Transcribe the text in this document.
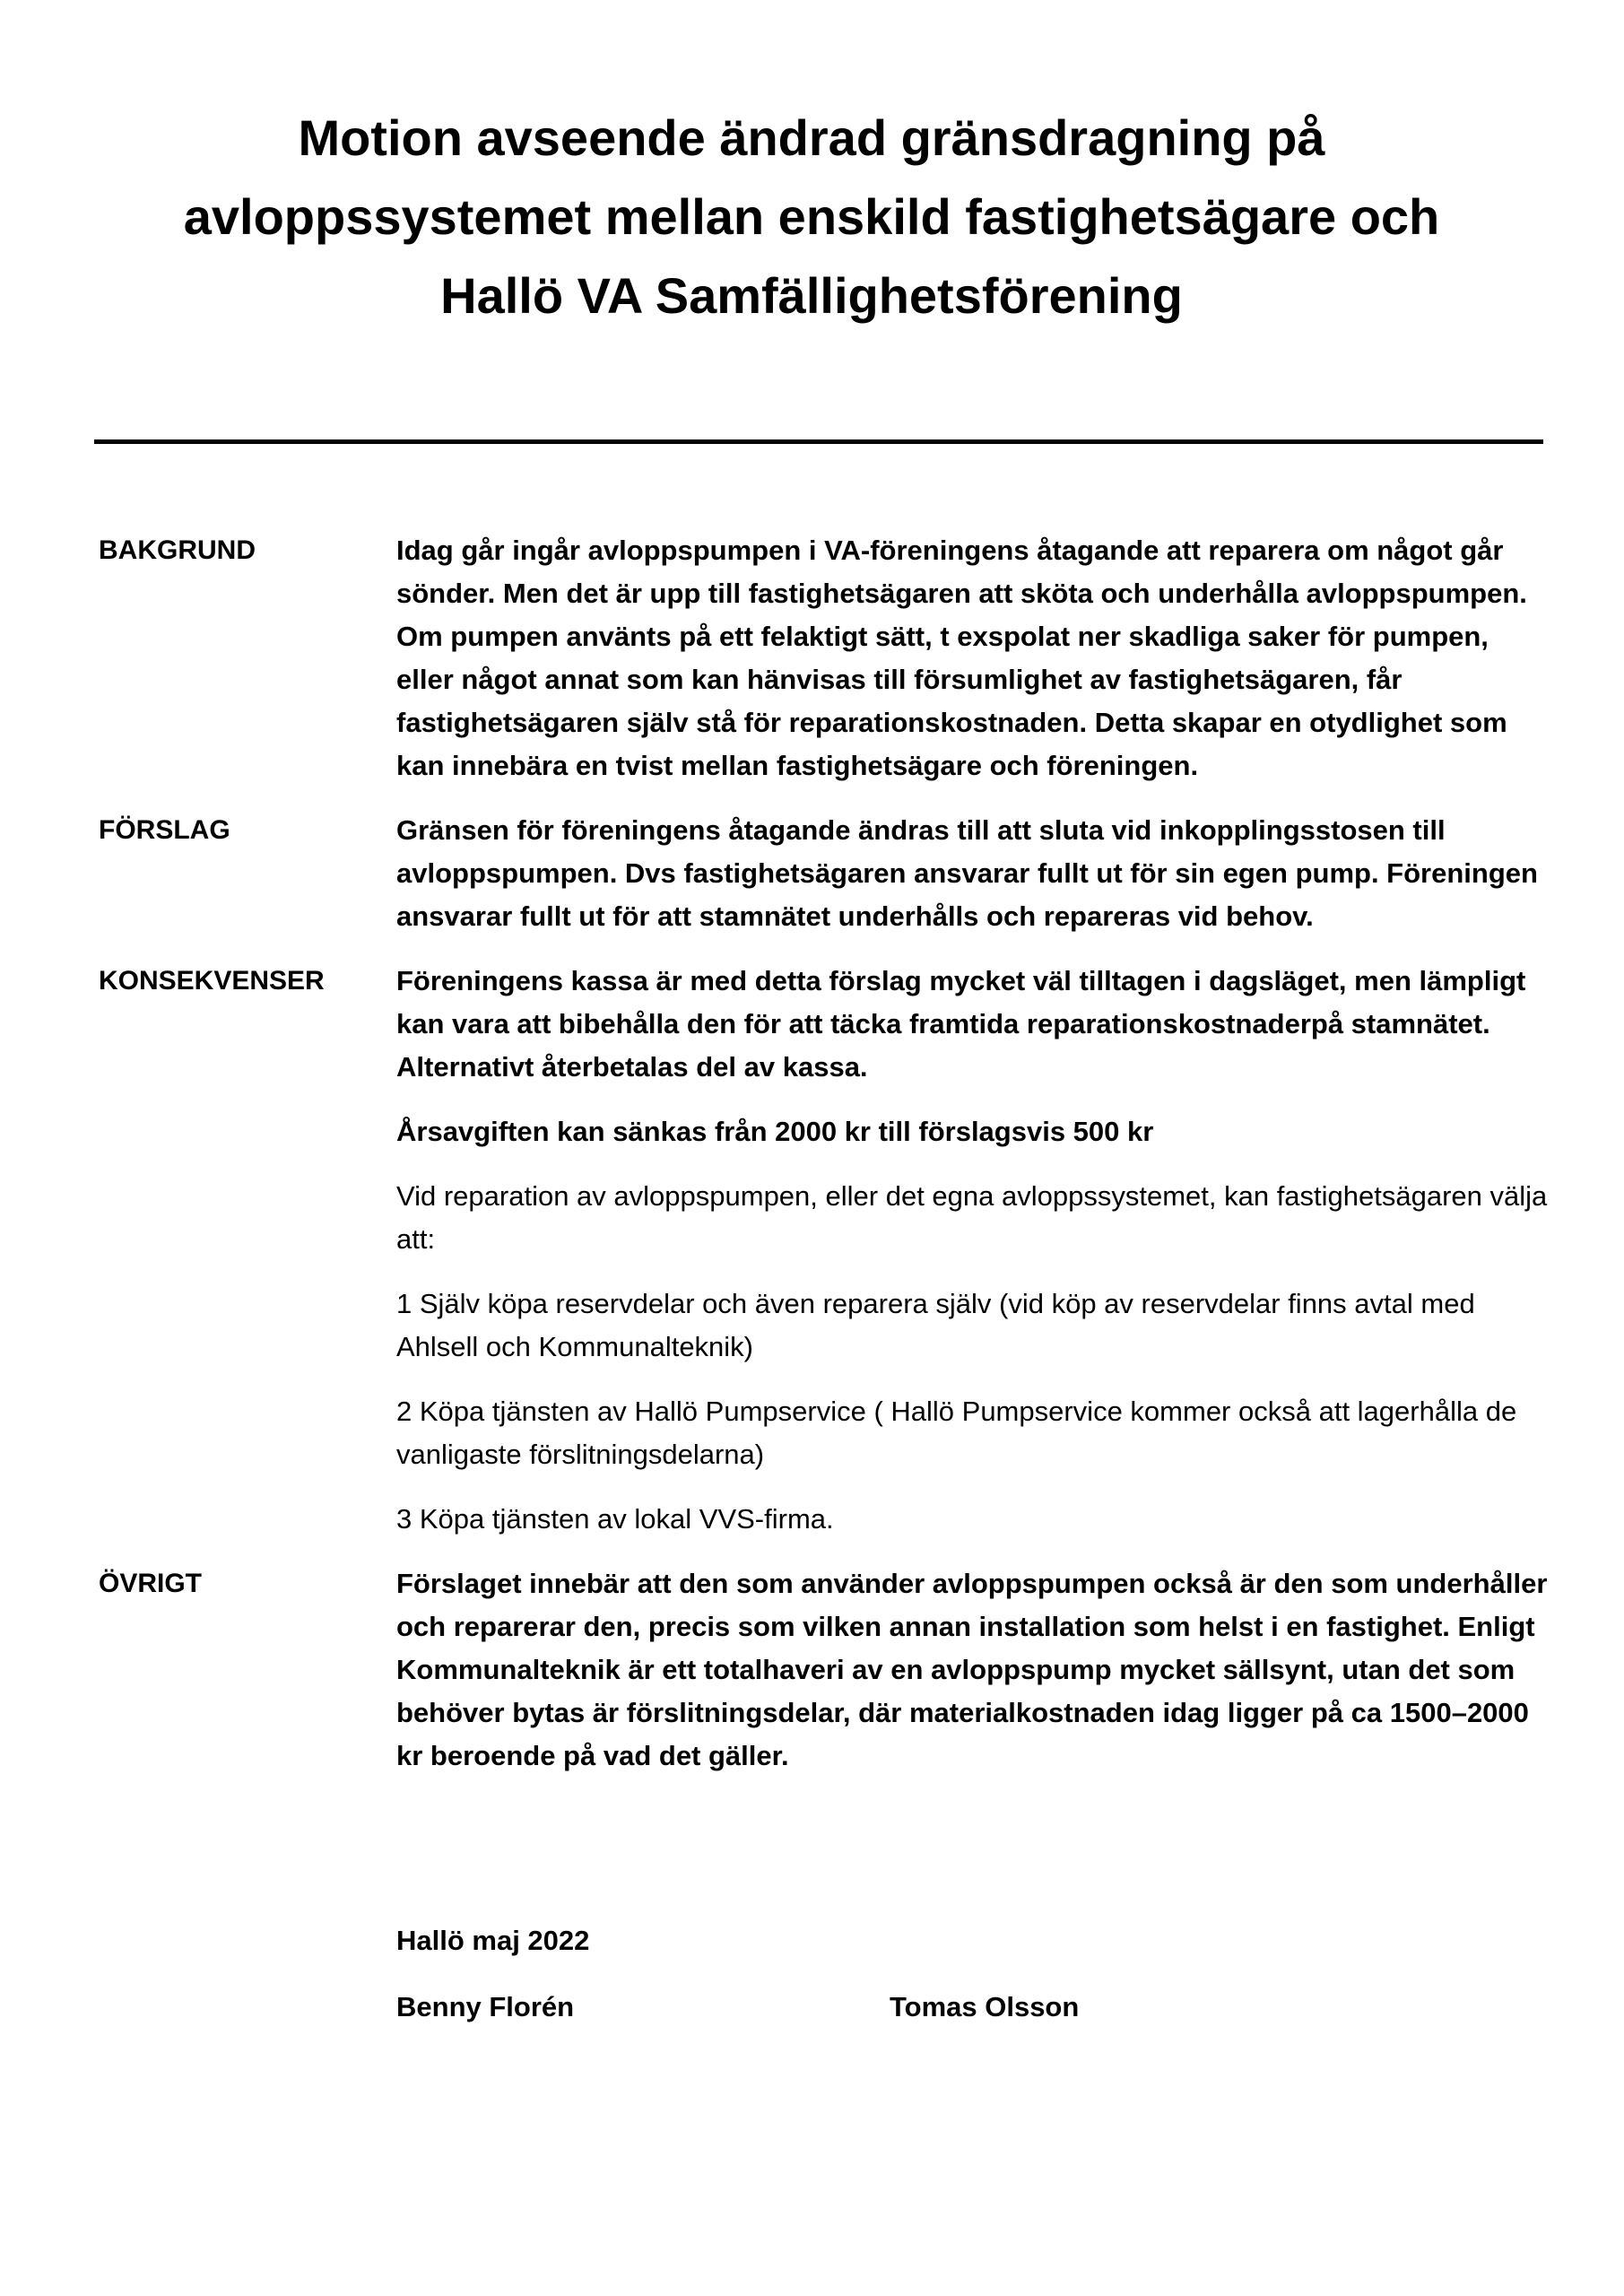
Motion avseende ändrad gränsdragning på
avloppssystemet mellan enskild fastighetsägare och
Hallö VA Samfällighetsförening
BAKGRUND	Idag går ingår avloppspumpen i VA-föreningens åtagande att reparera om något går sönder. Men det är upp till fastighetsägaren att sköta och underhålla avloppspumpen. Om pumpen använts på ett felaktigt sätt, t exspolat ner skadliga saker för pumpen, eller något annat som kan hänvisas till försumlighet av fastighetsägaren, får fastighetsägaren själv stå för reparationskostnaden. Detta skapar en otydlighet som kan innebära en tvist mellan fastighetsägare och föreningen.

FÖRSLAG	Gränsen för föreningens åtagande ändras till att sluta vid inkopplingsstosen till avloppspumpen. Dvs fastighetsägaren ansvarar fullt ut för sin egen pump. Föreningen ansvarar fullt ut för att stamnätet underhålls och repareras vid behov.

KONSEKVENSER	Föreningens kassa är med detta förslag mycket väl tilltagen i dagsläget, men lämpligt kan vara att bibehålla den för att täcka framtida reparationskostnaderpå stamnätet. Alternativt återbetalas del av kassa.

Årsavgiften kan sänkas från 2000 kr till förslagsvis 500 kr

Vid reparation av avloppspumpen, eller det egna avloppssystemet, kan fastighetsägaren välja att:

1 Själv köpa reservdelar och även reparera själv (vid köp av reservdelar finns avtal med Ahlsell och Kommunalteknik)

2 Köpa tjänsten av Hallö Pumpservice ( Hallö Pumpservice kommer också att lagerhålla de vanligaste förslitningsdelarna)

3 Köpa tjänsten av lokal VVS-firma.

ÖVRIGT	Förslaget innebär att den som använder avloppspumpen också är den som underhåller och reparerar den, precis som vilken annan installation som helst i en fastighet. Enligt Kommunalteknik är ett totalhaveri av en avloppspump mycket sällsynt, utan det som behöver bytas är förslitningsdelar, där materialkostnaden idag ligger på ca 1500–2000 kr beroende på vad det gäller.

Hallö maj 2022

Benny Florén	Tomas Olsson
